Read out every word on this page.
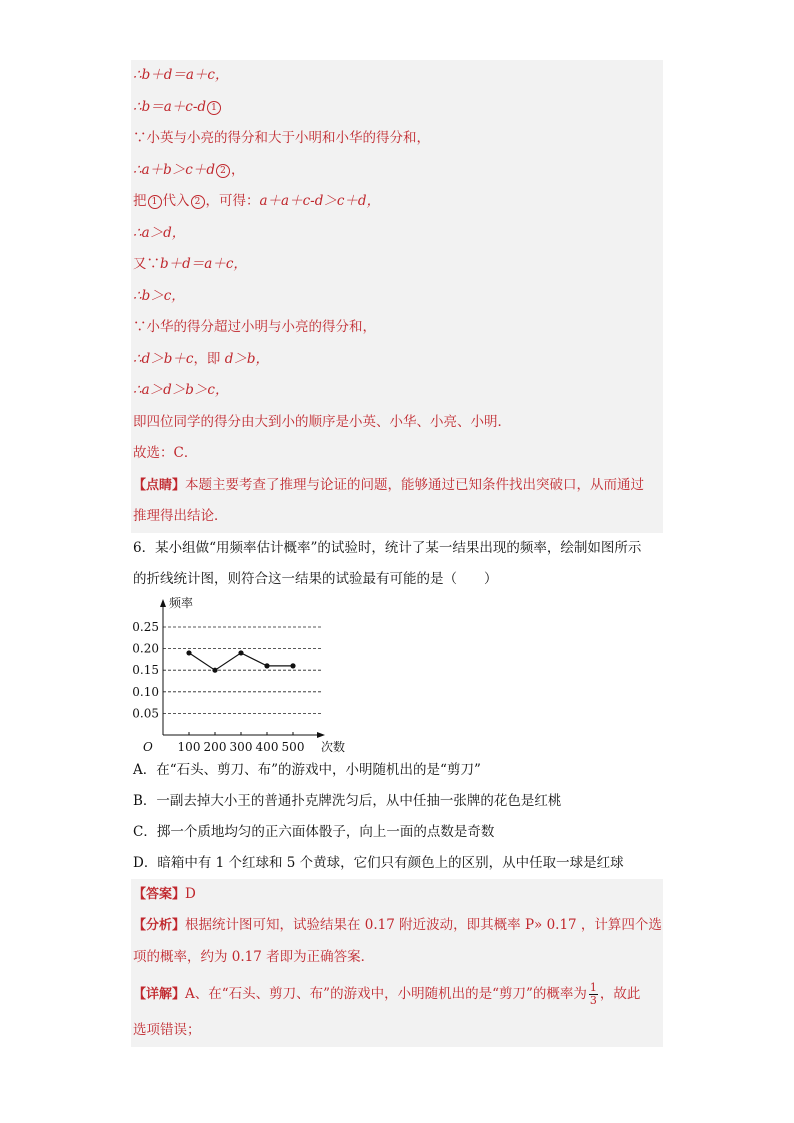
∴b＋d＝a＋c，
∴b＝a＋c-d 1
∵小英与小亮的得分和大于小明和小华的得分和，
∴a＋b＞c＋d 2 ，
把 1 代入 2 ，可得：a＋a＋c-d＞c＋d，
∴a＞d，
又∵b＋d＝a＋c，
∴b＞c，
∵小华的得分超过小明与小亮的得分和，
∴d＞b＋c，即 d＞b，
∴a＞d＞b＞c，
即四位同学的得分由大到小的顺序是小英、小华、小亮、小明．
故选：C．
【点睛】本题主要考查了推理与论证的问题，能够通过已知条件找出突破口，从而通过
推理得出结论．
6．某小组做“用频率估计概率”的试验时，统计了某一结果出现的频率，绘制如图所示
的折线统计图，则符合这一结果的试验最有可能的是（　　）
0.05
0.10
0.15
0.20
0.25
频率
次数
O 100 200 300 400 500
A．在“石头、剪刀、布”的游戏中，小明随机出的是“剪刀”
B．一副去掉大小王的普通扑克牌洗匀后，从中任抽一张牌的花色是红桃
C．掷一个质地均匀的正六面体骰子，向上一面的点数是奇数
D．暗箱中有 1 个红球和 5 个黄球，它们只有颜色上的区别，从中任取一球是红球
【答案】D
【分析】根据统计图可知，试验结果在 0.17 附近波动，即其概率 P» 0.17 ，计算四个选
项的概率，约为 0.17 者即为正确答案．
【详解】A、在“石头、剪刀、布”的游戏中，小明随机出的是“剪刀”的概率为 $\frac{1}{3}$ ，故此
选项错误；
